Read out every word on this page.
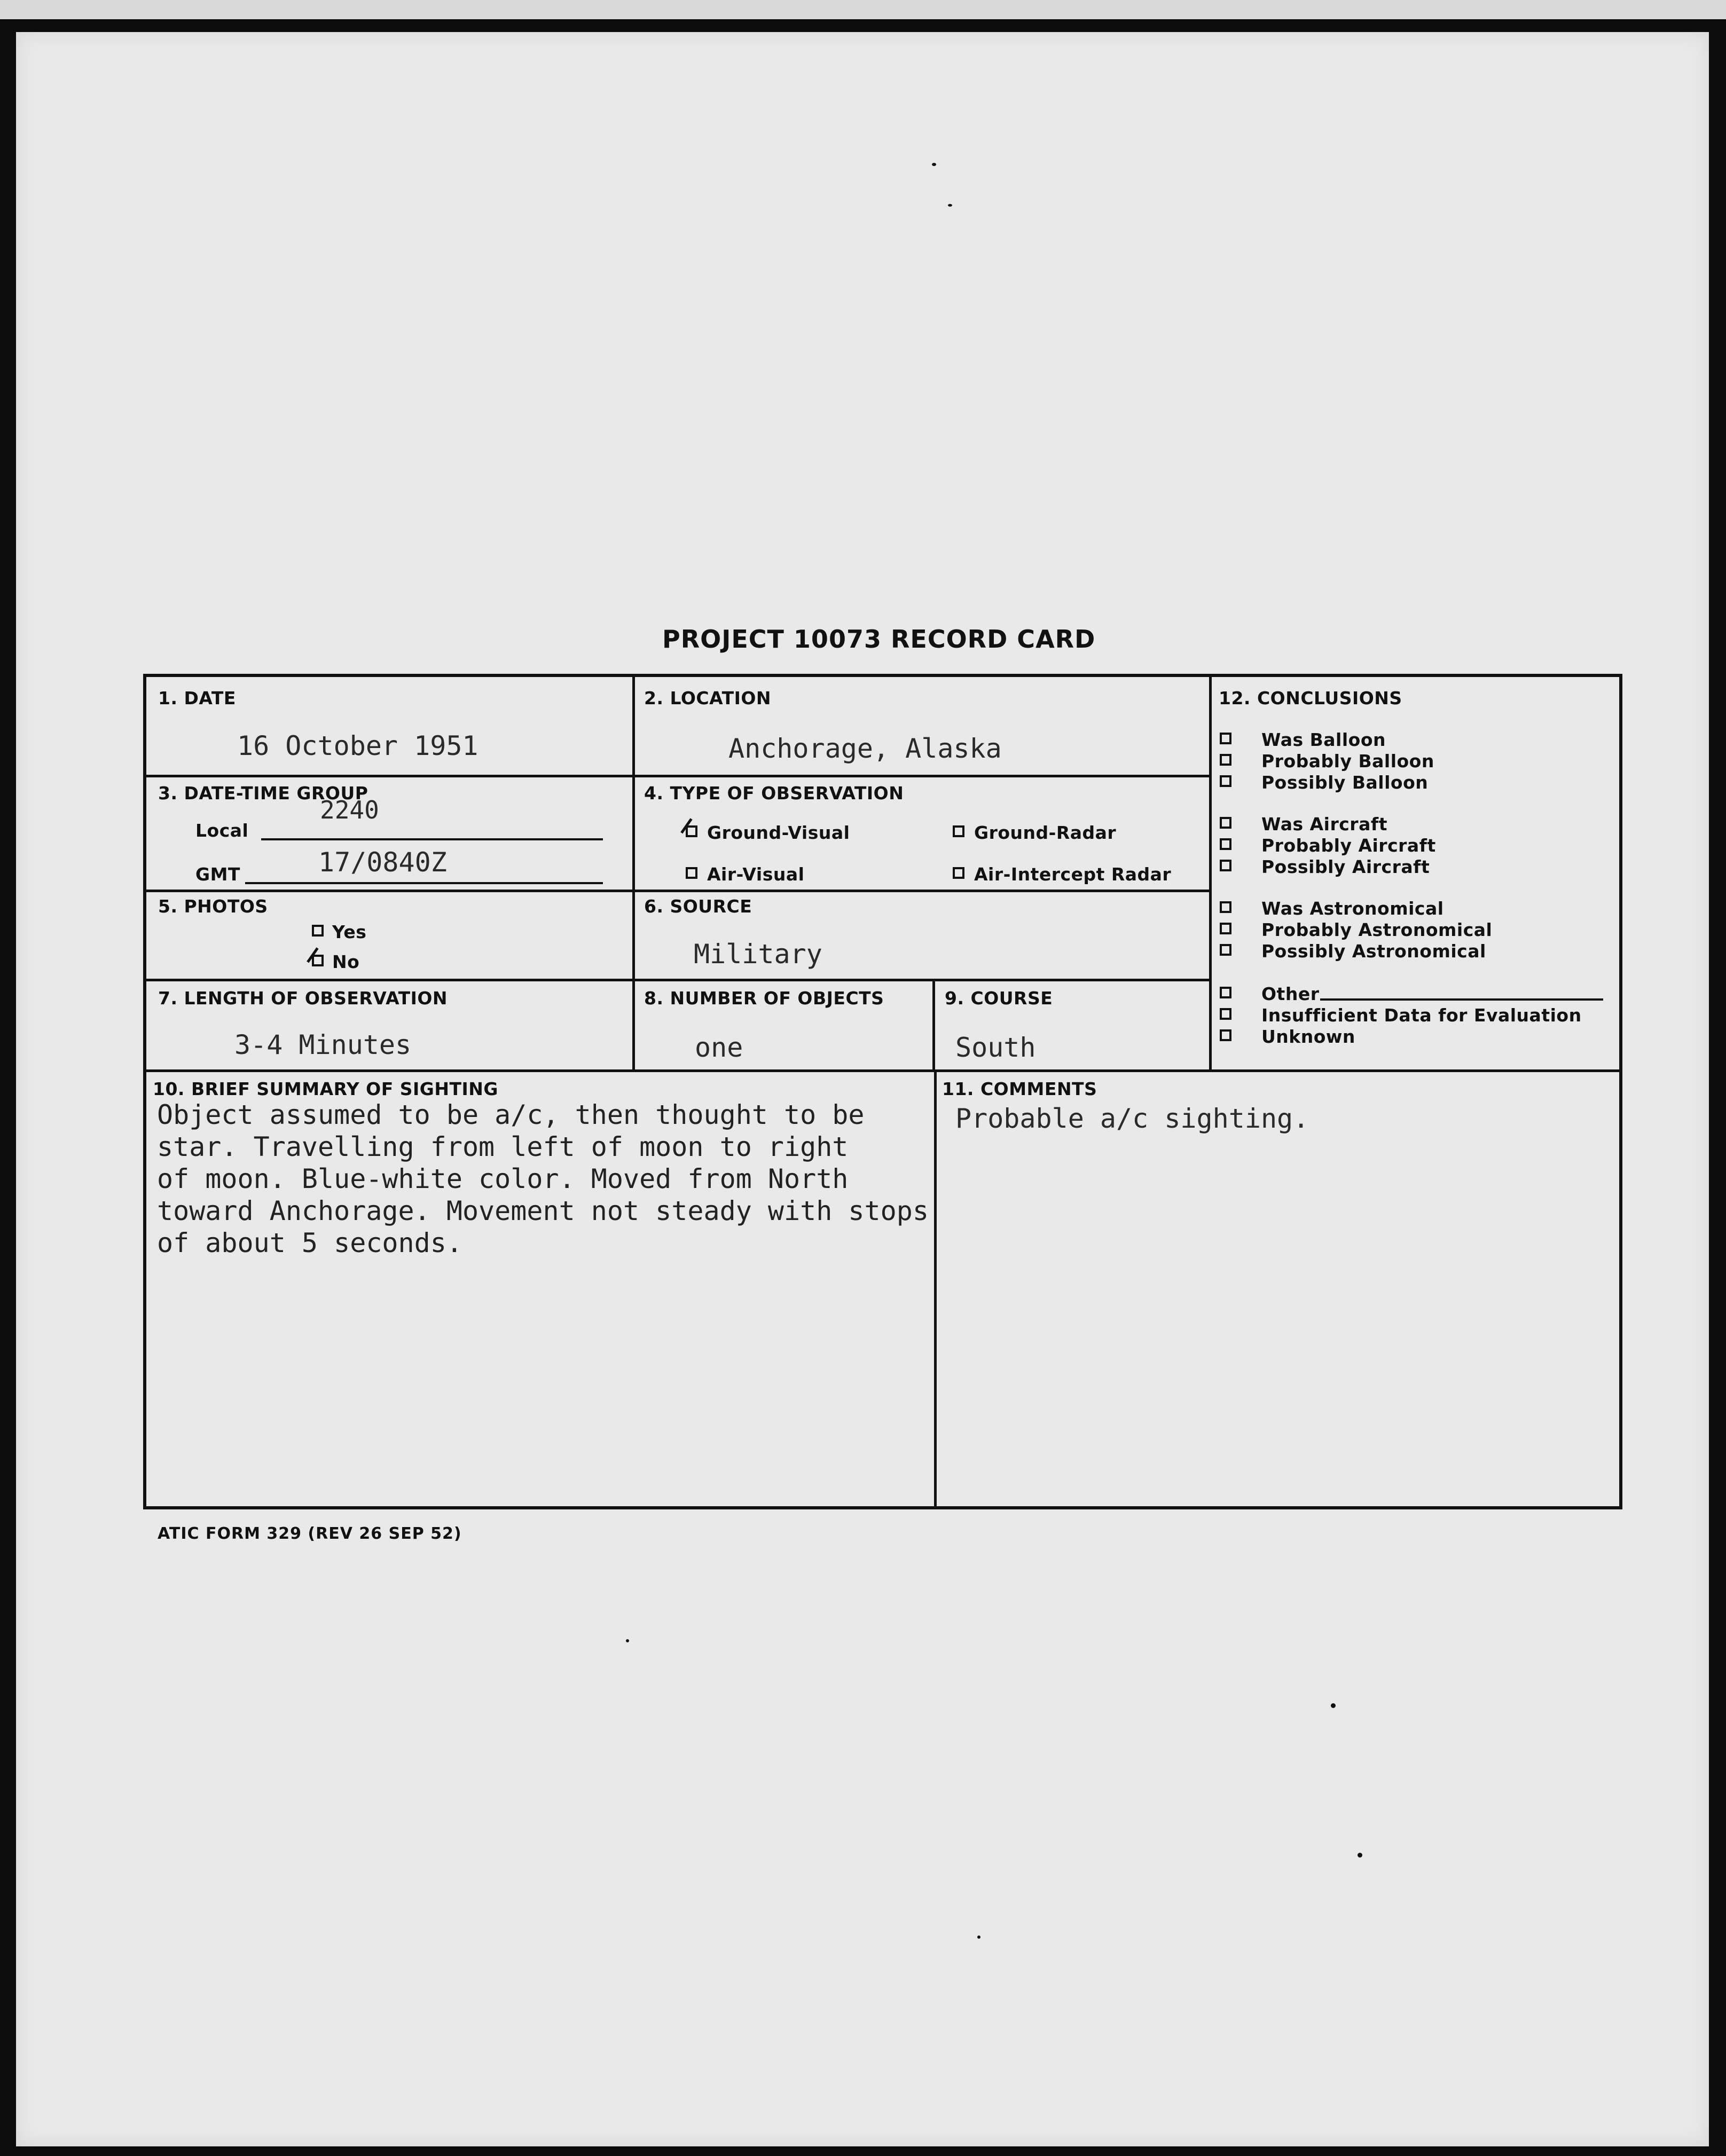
PROJECT 10073 RECORD CARD
1. DATE
16 October 1951
2. LOCATION
Anchorage, Alaska
3. DATE-TIME GROUP
Local
2240
GMT	17/0840Z
4. TYPE OF OBSERVATION
Ground-Visual	Ground-Radar
Air-Visual	Air-Intercept Radar
5. PHOTOS
Yes
No
6. SOURCE
Military
7. LENGTH OF OBSERVATION
3-4 Minutes
8. NUMBER OF OBJECTS
one
9. COURSE
South
10. BRIEF SUMMARY OF SIGHTING
Object assumed to be a/c, then thought to be
star. Travelling from left of moon to right
of moon. Blue-white color. Moved from North
toward Anchorage. Movement not steady with stops
of about 5 seconds.
11. COMMENTS
Probable a/c sighting.
12. CONCLUSIONS
Was Balloon
Probably Balloon
Possibly Balloon
Was Aircraft
Probably Aircraft
Possibly Aircraft
Was Astronomical
Probably Astronomical
Possibly Astronomical
Other
Insufficient Data for Evaluation
Unknown
ATIC FORM 329 (REV 26 SEP 52)
